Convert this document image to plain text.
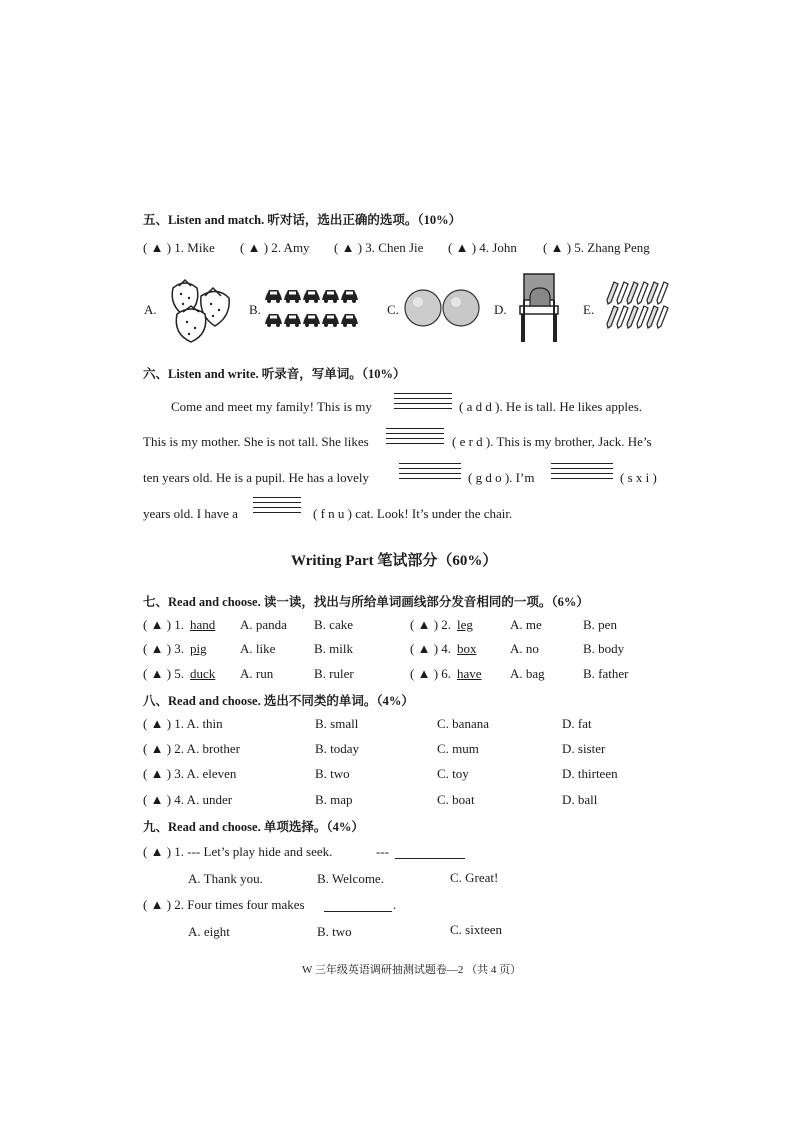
五、Listen and match. 听对话，选出正确的选项。（10%）
( ▲ ) 1. Mike ( ▲ ) 2. Amy ( ▲ ) 3. Chen Jie ( ▲ ) 4. John ( ▲ ) 5. Zhang Peng
A.	B.	C.	D.	E.
六、Listen and write. 听录音，写单词。（10%）
Come and meet my family! This is my	( a d d ). He is tall. He likes apples.
This is my mother. She is not tall. She likes	( e r d ). This is my brother, Jack. He’s
ten years old. He is a pupil. He has a lovely	( g d o ). I’m	( s x i )
years old. I have a	( f n u ) cat. Look! It’s under the chair.
Writing Part 笔试部分（60%）
七、Read and choose. 读一读，找出与所给单词画线部分发音相同的一项。（6%）
( ▲ ) 1. hand A. panda B. cake	( ▲ ) 2. leg	A. me	B. pen
( ▲ ) 3. pig	A. like	B. milk	( ▲ ) 4. box	A. no	B. body
( ▲ ) 5. duck A. run	B. ruler	( ▲ ) 6. have A. bag	B. father
八、Read and choose. 选出不同类的单词。（4%）
( ▲ ) 1. A. thin	B. small	C. banana	D. fat
( ▲ ) 2. A. brother	B. today	C. mum	D. sister
( ▲ ) 3. A. eleven	B. two	C. toy	D. thirteen
( ▲ ) 4. A. under	B. map	C. boat	D. ball
九、Read and choose. 单项选择。（4%）
( ▲ ) 1. --- Let’s play hide and seek.	---
A. Thank you.	B. Welcome.	C. Great!
( ▲ ) 2. Four times four makes	.
A. eight	B. two	C. sixteen
W 三年级英语调研抽测试题卷—2 （共 4 页）
